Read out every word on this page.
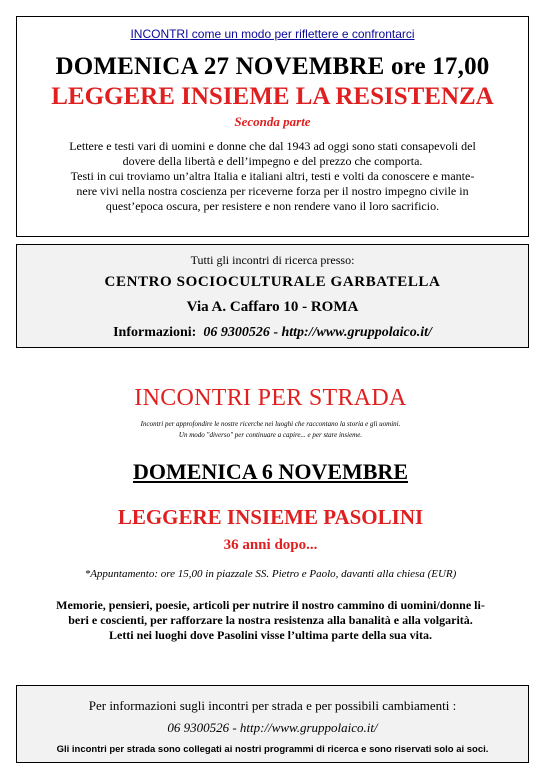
INCONTRI come un modo per riflettere e confrontarci
DOMENICA 27 NOVEMBRE ore 17,00
LEGGERE INSIEME LA RESISTENZA
Seconda parte
Lettere e testi vari di uomini e donne che dal 1943 ad oggi sono stati consapevoli del
dovere della libertà e dell’impegno e del prezzo che comporta.
Testi in cui troviamo un’altra Italia e italiani altri, testi e volti da conoscere e mante-
nere vivi nella nostra coscienza per riceverne forza per il nostro impegno civile in
quest’epoca oscura, per resistere e non rendere vano il loro sacrificio.
Tutti gli incontri di ricerca presso:
CENTRO SOCIOCULTURALE GARBATELLA
Via A. Caffaro 10 - ROMA
Informazioni: 06 9300526 - http://www.gruppolaico.it/
INCONTRI PER STRADA
Incontri per approfondire le nostre ricerche nei luoghi che raccontano la storia e gli uomini.
Un modo "diverso" per continuare a capire... e per stare insieme.
DOMENICA 6 NOVEMBRE
LEGGERE INSIEME PASOLINI
36 anni dopo...
*Appuntamento: ore 15,00 in piazzale SS. Pietro e Paolo, davanti alla chiesa (EUR)
Memorie, pensieri, poesie, articoli per nutrire il nostro cammino di uomini/donne li-
beri e coscienti, per rafforzare la nostra resistenza alla banalità e alla volgarità.
Letti nei luoghi dove Pasolini visse l’ultima parte della sua vita.
Per informazioni sugli incontri per strada e per possibili cambiamenti :
06 9300526 - http://www.gruppolaico.it/
Gli incontri per strada sono collegati ai nostri programmi di ricerca e sono riservati solo ai soci.
